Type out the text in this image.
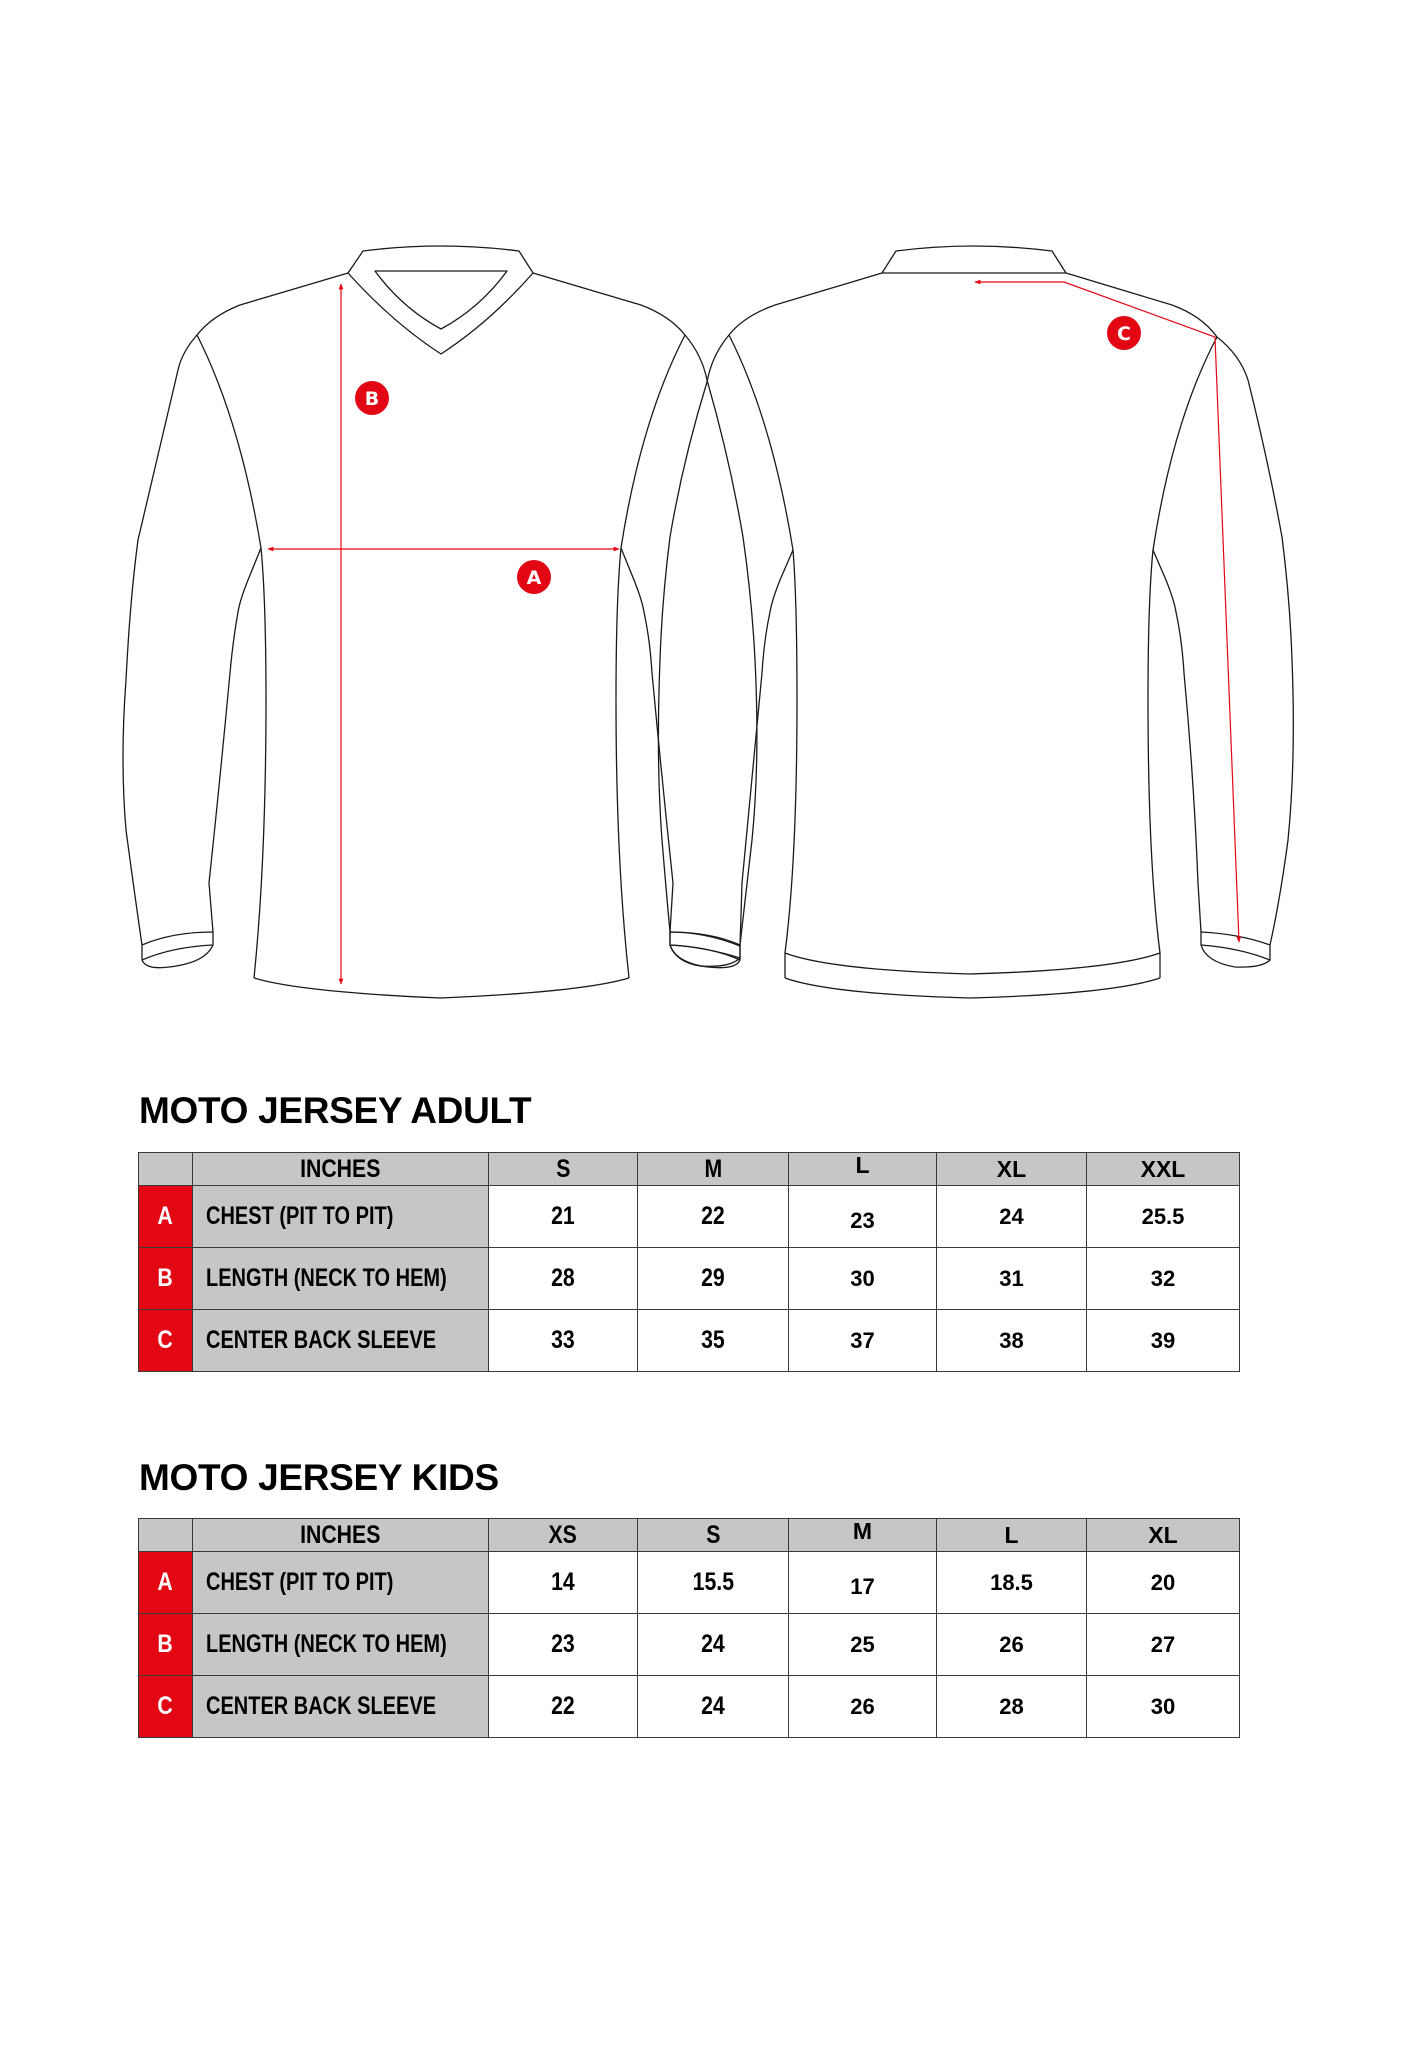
B
A
C
MOTO JERSEY ADULT
	INCHES	S	M	L	XL	XXL
A	CHEST (PIT TO PIT)	21	22	23	24	25.5
B	LENGTH (NECK TO HEM)	28	29	30	31	32
C	CENTER BACK SLEEVE	33	35	37	38	39
MOTO JERSEY KIDS
	INCHES	XS	S	M	L	XL
A	CHEST (PIT TO PIT)	14	15.5	17	18.5	20
B	LENGTH (NECK TO HEM)	23	24	25	26	27
C	CENTER BACK SLEEVE	22	24	26	28	30
